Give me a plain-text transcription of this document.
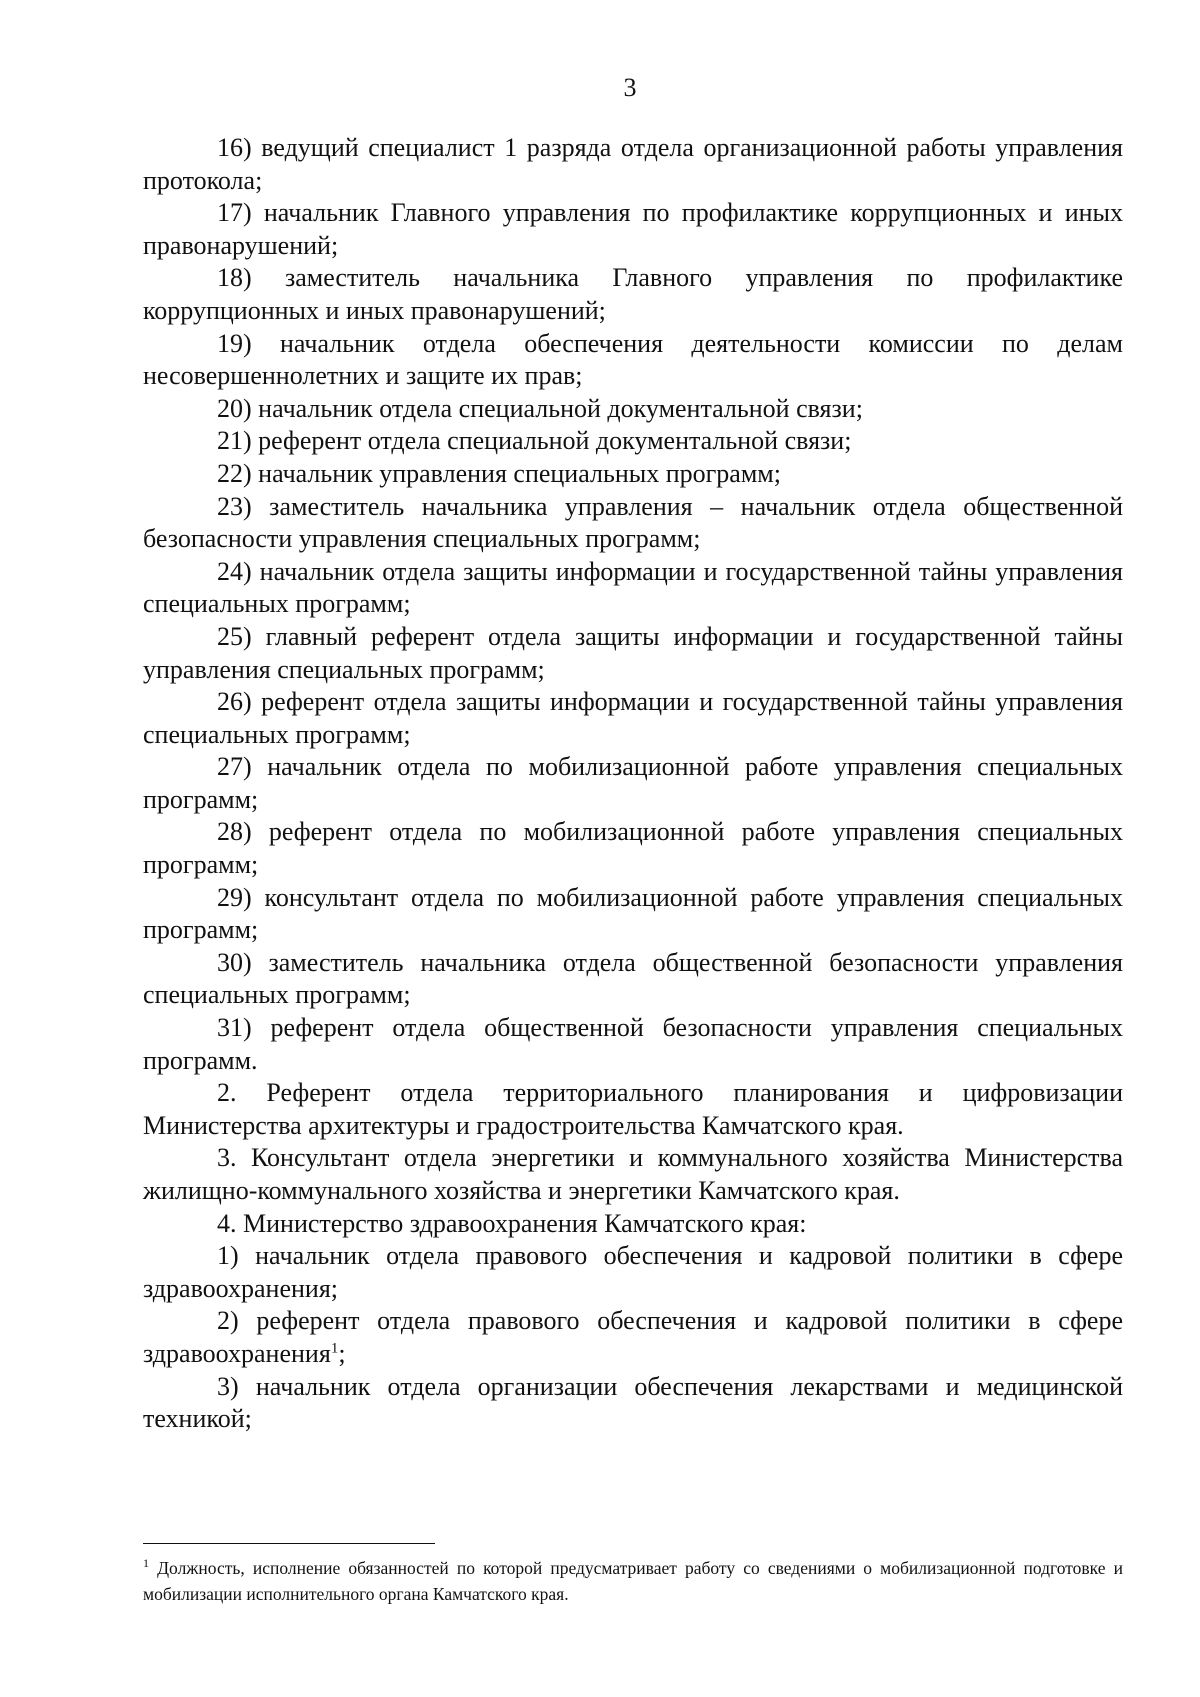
3

16) ведущий специалист 1 разряда отдела организационной работы управления протокола;

17) начальник Главного управления по профилактике коррупционных и иных правонарушений;

18) заместитель начальника Главного управления по профилактике коррупционных и иных правонарушений;

19) начальник отдела обеспечения деятельности комиссии по делам несовершеннолетних и защите их прав;

20) начальник отдела специальной документальной связи;

21) референт отдела специальной документальной связи;

22) начальник управления специальных программ;

23) заместитель начальника управления – начальник отдела общественной безопасности управления специальных программ;

24) начальник отдела защиты информации и государственной тайны управления специальных программ;

25) главный референт отдела защиты информации и государственной тайны управления специальных программ;

26) референт отдела защиты информации и государственной тайны управления специальных программ;

27) начальник отдела по мобилизационной работе управления специальных программ;

28) референт отдела по мобилизационной работе управления специальных программ;

29) консультант отдела по мобилизационной работе управления специальных программ;

30) заместитель начальника отдела общественной безопасности управления специальных программ;

31) референт отдела общественной безопасности управления специальных программ.

2. Референт отдела территориального планирования и цифровизации Министерства архитектуры и градостроительства Камчатского края.

3. Консультант отдела энергетики и коммунального хозяйства Министерства жилищно-коммунального хозяйства и энергетики Камчатского края.

4. Министерство здравоохранения Камчатского края:

1) начальник отдела правового обеспечения и кадровой политики в сфере здравоохранения;

2) референт отдела правового обеспечения и кадровой политики в сфере здравоохранения$^1$;

3) начальник отдела организации обеспечения лекарствами и медицинской техникой;

$^1$ Должность, исполнение обязанностей по которой предусматривает работу со сведениями о мобилизационной подготовке и мобилизации исполнительного органа Камчатского края.
